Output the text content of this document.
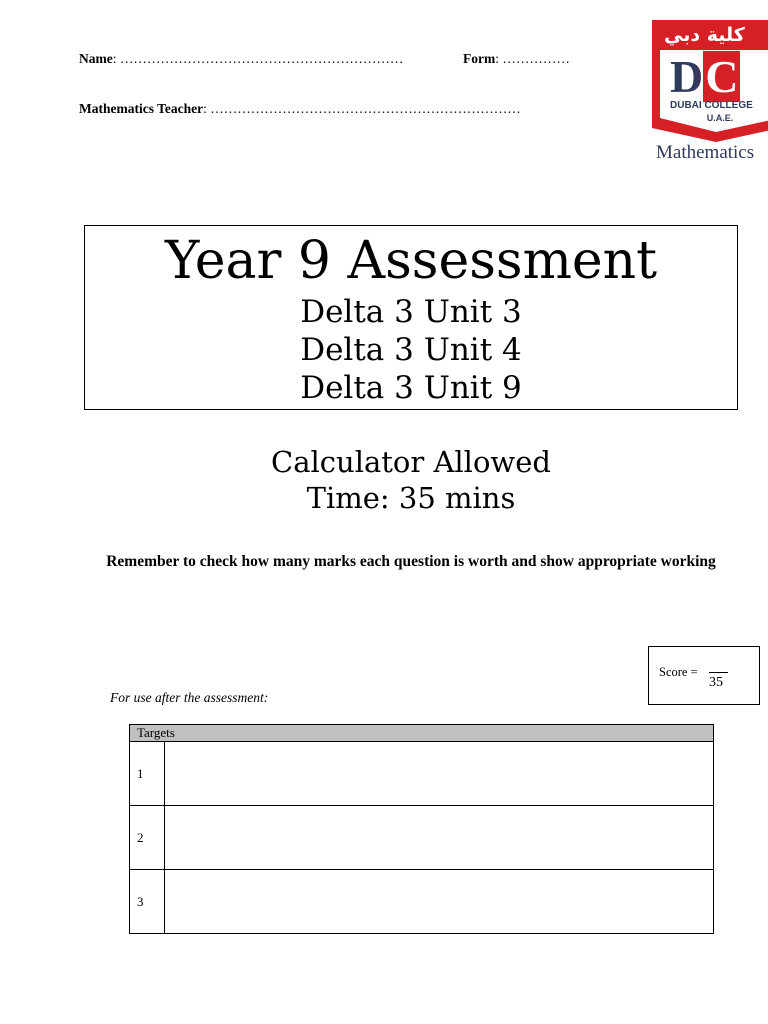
Name: ………………………………………………………	Form: ……………
Mathematics Teacher: ……………………………………………………………
كلية دبي
DC
DUBAI COLLEGE
U.A.E.
Mathematics
Year 9 Assessment
Delta 3 Unit 3
Delta 3 Unit 4
Delta 3 Unit 9
Calculator Allowed
Time: 35 mins
Remember to check how many marks each question is worth and show appropriate working
Score =
35
For use after the assessment:
Targets	
1	
2	
3	
